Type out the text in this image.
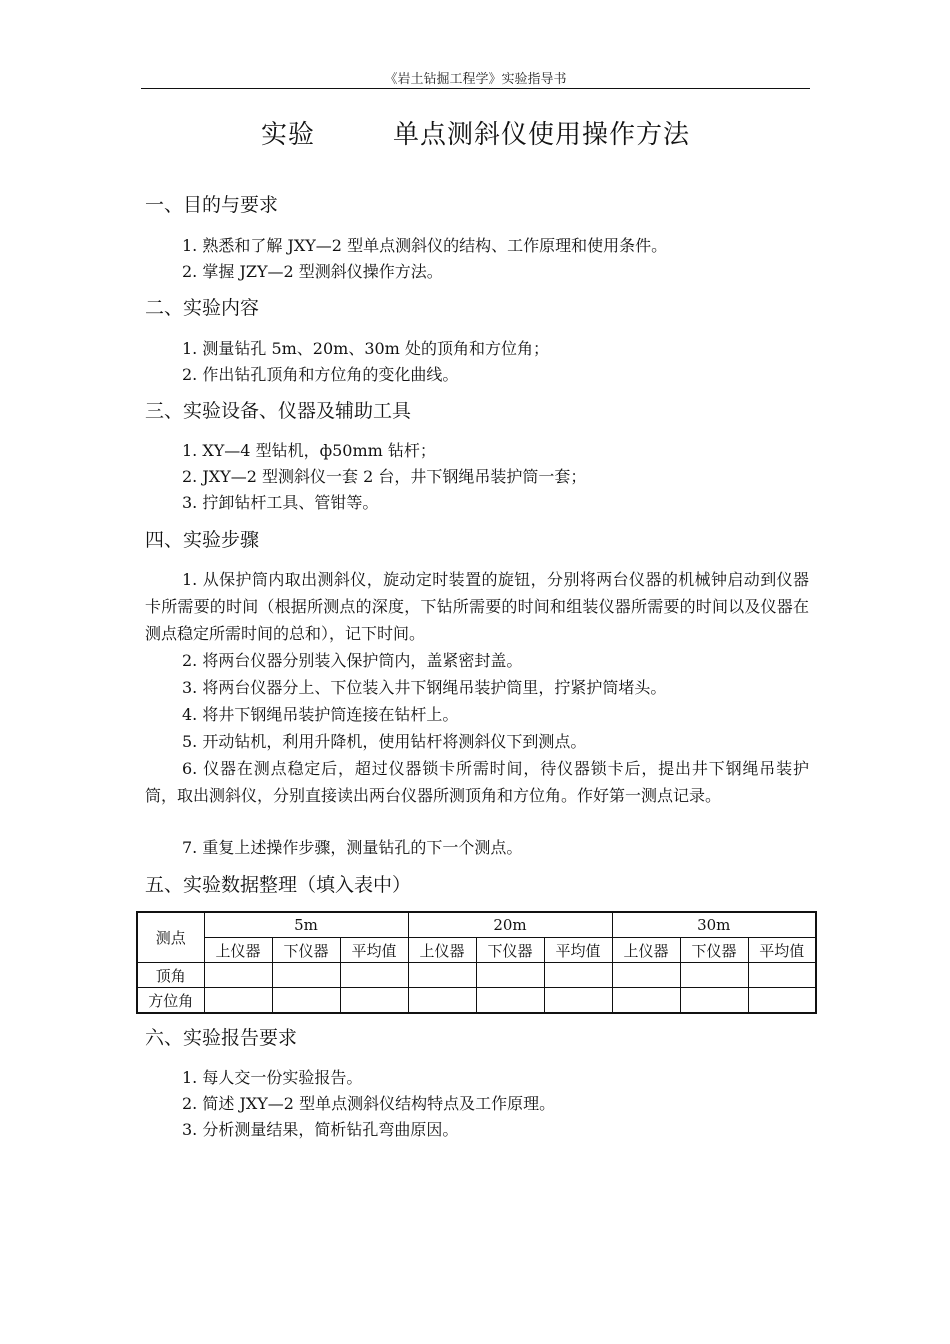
《岩土钻掘工程学》实验指导书
实验	单点测斜仪使用操作方法
一、目的与要求
1. 熟悉和了解 JXY—2 型单点测斜仪的结构、工作原理和使用条件。
2. 掌握 JZY—2 型测斜仪操作方法。
二、实验内容
1. 测量钻孔 5m、20m、30m 处的顶角和方位角；
2. 作出钻孔顶角和方位角的变化曲线。
三、实验设备、仪器及辅助工具
1. XY—4 型钻机，ф50mm 钻杆；
2. JXY—2 型测斜仪一套 2 台，井下钢绳吊装护筒一套；
3. 拧卸钻杆工具、管钳等。
四、实验步骤
1. 从保护筒内取出测斜仪，旋动定时装置的旋钮，分别将两台仪器的机械钟启动到仪器卡所需要的时间（根据所测点的深度，下钻所需要的时间和组装仪器所需要的时间以及仪器在测点稳定所需时间的总和），记下时间。
2. 将两台仪器分别装入保护筒内，盖紧密封盖。
3. 将两台仪器分上、下位装入井下钢绳吊装护筒里，拧紧护筒堵头。
4. 将井下钢绳吊装护筒连接在钻杆上。
5. 开动钻机，利用升降机，使用钻杆将测斜仪下到测点。
6. 仪器在测点稳定后，超过仪器锁卡所需时间，待仪器锁卡后，提出井下钢绳吊装护筒，取出测斜仪，分别直接读出两台仪器所测顶角和方位角。作好第一测点记录。
7. 重复上述操作步骤，测量钻孔的下一个测点。
五、实验数据整理（填入表中）
测点	5m			20m			30m		
	上仪器	下仪器	平均值	上仪器	下仪器	平均值	上仪器	下仪器	平均值
顶角									
方位角									
六、实验报告要求
1. 每人交一份实验报告。
2. 简述 JXY—2 型单点测斜仪结构特点及工作原理。
3. 分析测量结果，简析钻孔弯曲原因。
